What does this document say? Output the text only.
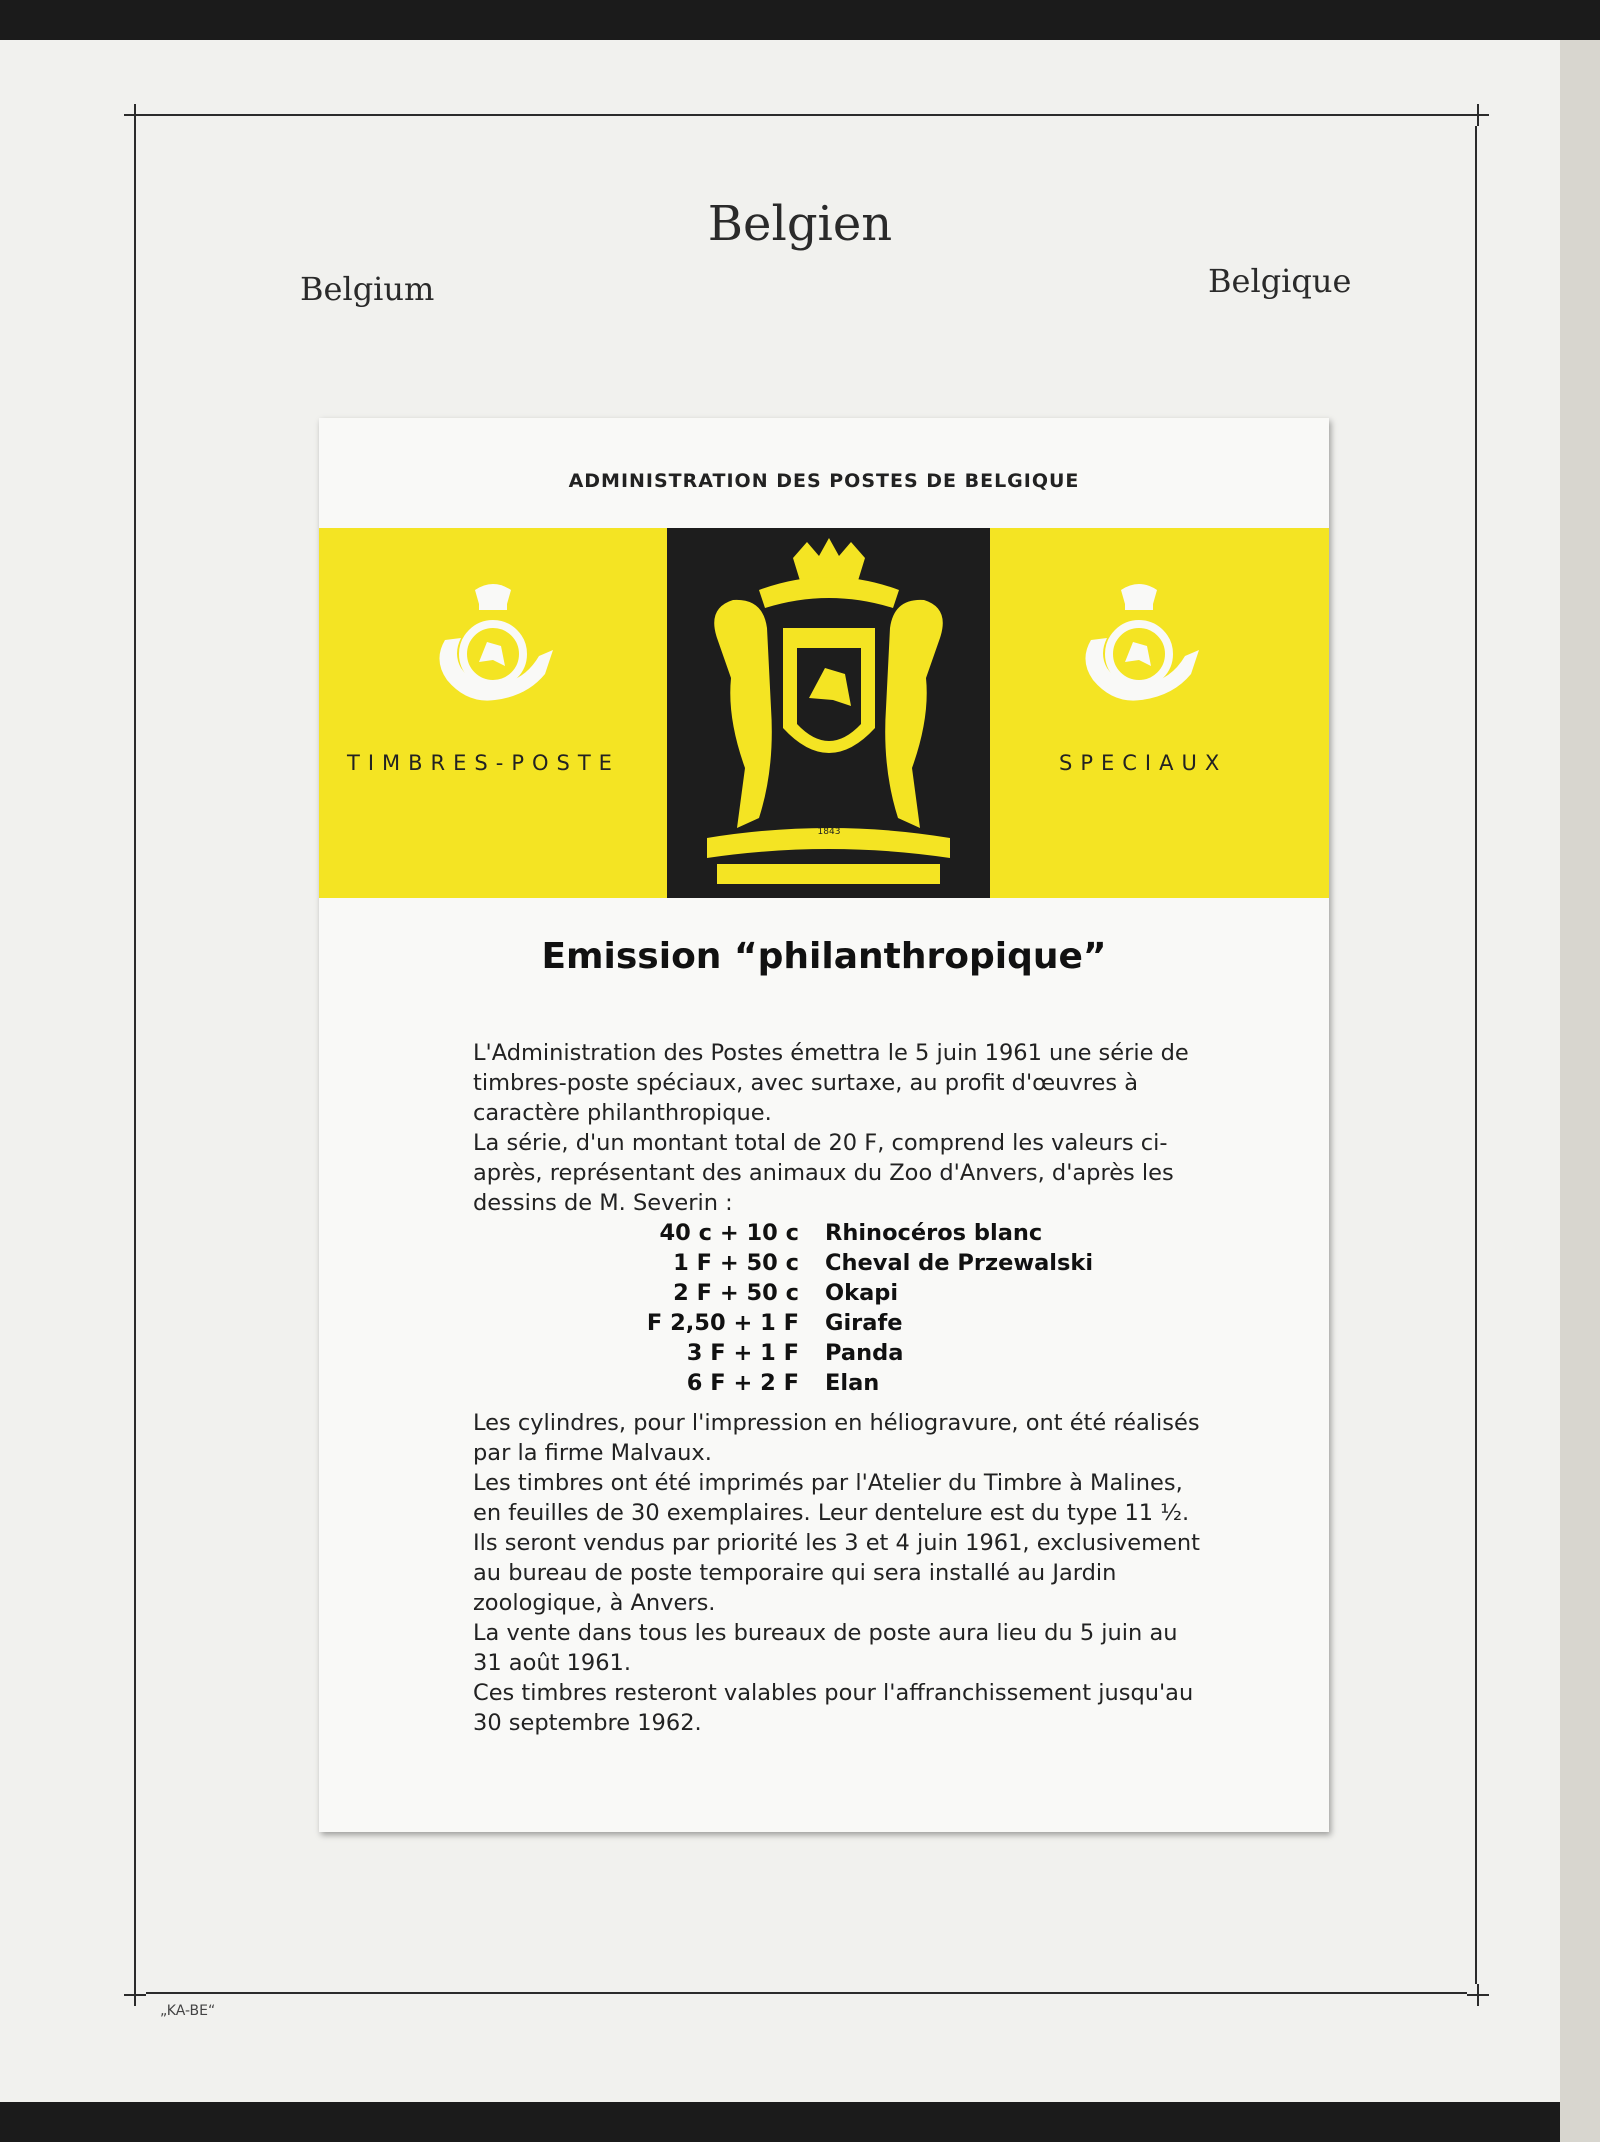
Belgien
Belgium	Belgique
ADMINISTRATION DES POSTES DE BELGIQUE
TIMBRES-POSTE	SPECIAUX
1843
Emission “philanthropique”

L'Administration des Postes émettra le 5 juin 1961 une série de timbres-poste spéciaux, avec surtaxe, au profit d'œuvres à caractère philanthropique.

La série, d'un montant total de 20 F, comprend les valeurs ci-après, représentant des animaux du Zoo d'Anvers, d'après les dessins de M. Severin :

40 c + 10 c	Rhinocéros blanc
1 F + 50 c	Cheval de Przewalski
2 F + 50 c	Okapi
F 2,50 + 1 F	Girafe
3 F + 1 F	Panda
6 F + 2 F	Elan

Les cylindres, pour l'impression en héliogravure, ont été réalisés par la firme Malvaux.

Les timbres ont été imprimés par l'Atelier du Timbre à Malines, en feuilles de 30 exemplaires. Leur dentelure est du type 11 ½.

Ils seront vendus par priorité les 3 et 4 juin 1961, exclusivement au bureau de poste temporaire qui sera installé au Jardin zoologique, à Anvers.

La vente dans tous les bureaux de poste aura lieu du 5 juin au 31 août 1961.

Ces timbres resteront valables pour l'affranchissement jusqu'au 30 septembre 1962.

„KA-BE“
